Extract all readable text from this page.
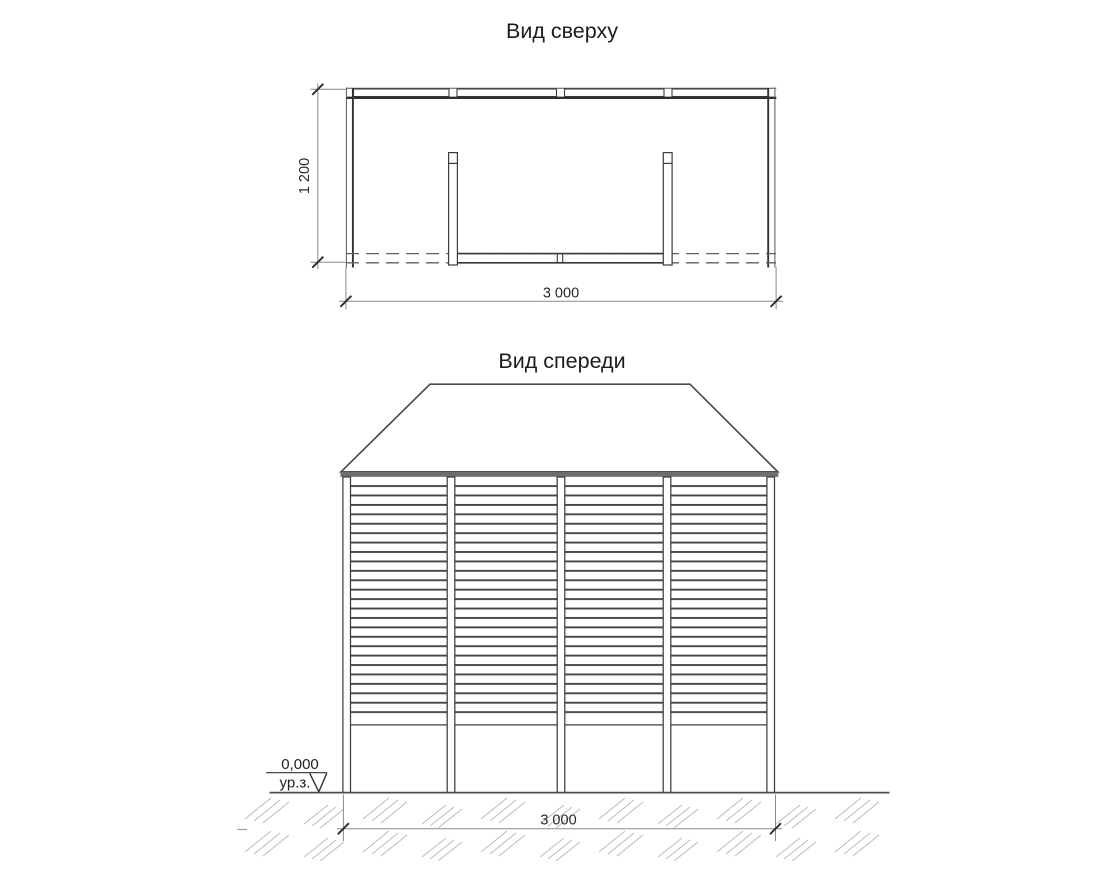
Вид сверху
1 200
3 000
Вид спереди
0,000
ур.з.
3 000
